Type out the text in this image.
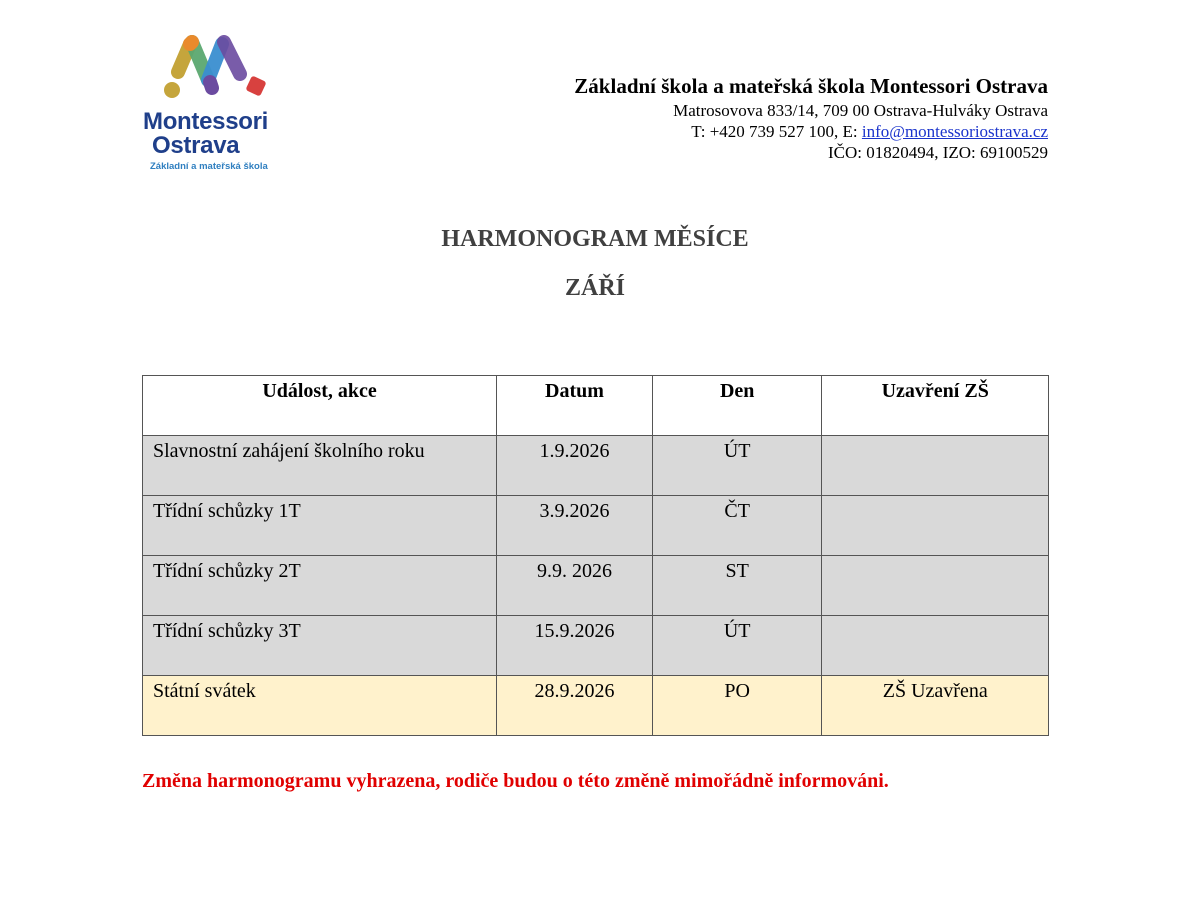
Montessori
Ostrava
Základní a mateřská škola
Základní škola a mateřská škola Montessori Ostrava
Matrosovova 833/14, 709 00 Ostrava-Hulváky Ostrava
T: +420 739 527 100, E: info@montessoriostrava.cz
IČO: 01820494, IZO: 69100529
HARMONOGRAM MĚSÍCE
ZÁŘÍ
Událost, akce	Datum	Den	Uzavření ZŠ
Slavnostní zahájení školního roku	1.9.2026	ÚT	
Třídní schůzky 1T	3.9.2026	ČT	
Třídní schůzky 2T	9.9. 2026	ST	
Třídní schůzky 3T	15.9.2026	ÚT	
Státní svátek	28.9.2026	PO	ZŠ Uzavřena
Změna harmonogramu vyhrazena, rodiče budou o této změně mimořádně informováni.
